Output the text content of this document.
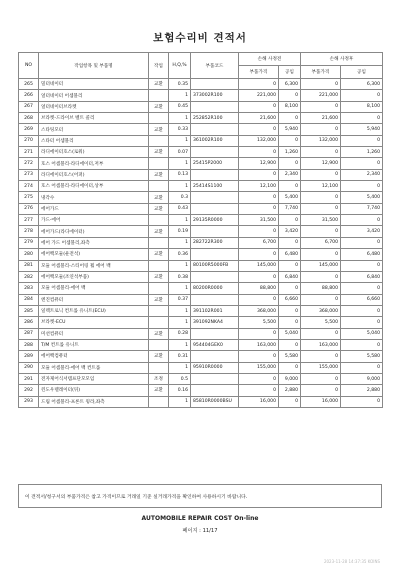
보험수리비 견적서
NO	작업항목 및 부품명	작업	H,Q,%	부품코드	손해 사정전		손해 사정후	
					부품가격	공임	부품가격	공임
265	밀터네이터	교환	0.35		0	6,300	0	6,300
266	얼터네이터 어셈블리		1	373002R100	221,000	0	221,000	0
267	얼터네이터브라켓	교환	0.45		0	8,100	0	8,100
268	브라켓-드라이브 벨트 콜리		1	252852R100	21,600	0	21,600	0
269	스타팅모터	교환	0.33		0	5,940	0	5,940
270	스타터 어셈블리		1	361002R100	132,000	0	132,000	0
271	라디에이터호스(로워)	교환	0.07		0	1,260	0	1,260
272	호스 어셈블리-라디에이터,저부		1	25415P2000	12,900	0	12,900	0
273	라디에이터호스(어퍼)	교환	0.13		0	2,340	0	2,340
274	호스 어셈블리-라디에이터,상부		1	25414S1100	12,100	0	12,100	0
275	냉각수	교환	0.3		0	5,400	0	5,400
276	에어가드	교환	0.43		0	7,740	0	7,740
277	가드-에어		1	29135R0000	31,500	0	31,500	0
278	에어가드(라디에이터)	교환	0.19		0	3,420	0	3,420
279	에어 가드 어셈블리,좌측		1	282722R300	6,700	0	6,700	0
280	에어백모듈(운전석)	교환	0.36		0	6,480	0	6,480
281	모듈 어셈블리-스티어링 휠 에어 백		1	80100R5000FB	145,000	0	145,000	0
282	에어백모듈(조연석부품)	교환	0.38		0	6,840	0	6,840
283	모듈 어셈블리-에어 백		1	80200R0000	88,800	0	88,800	0
284	엔진컴퓨터	교환	0.37		0	6,660	0	6,660
285	일렉트로닉 컨트롤 유니트(ECU)		1	391102R001	368,000	0	368,000	0
286	브라켓-ECU		1	391092NKA4	5,500	0	5,500	0
287	미션컴퓨터	교환	0.28		0	5,040	0	5,040
288	T/M 컨트롤 유니트		1	954404GEK0	163,000	0	163,000	0
289	에어백컴퓨터	교환	0.31		0	5,580	0	5,580
290	모듈 어셈블리-에어 백 컨트롤		1	95910R0000	155,000	0	155,000	0
291	전자제어식서템프단모모임	조정	0.5		0	9,000	0	9,000
292	윈도우렐레이터(뒤)	교환	0.16		0	2,880	0	2,880
293	드림 어셈블리-프론트 윙라,좌측		1	85810R0000BSU	16,000	0	16,000	0
이 견적서/청구서의 부품가격은 참고 가격이므로 거래일 기준 실거래가격을 확인하여 사용하시기 바랍니다.
AUTOMOBILE REPAIR COST On-line
페이지 : 11/17
2023-11-28 14:37:35 KOINS
